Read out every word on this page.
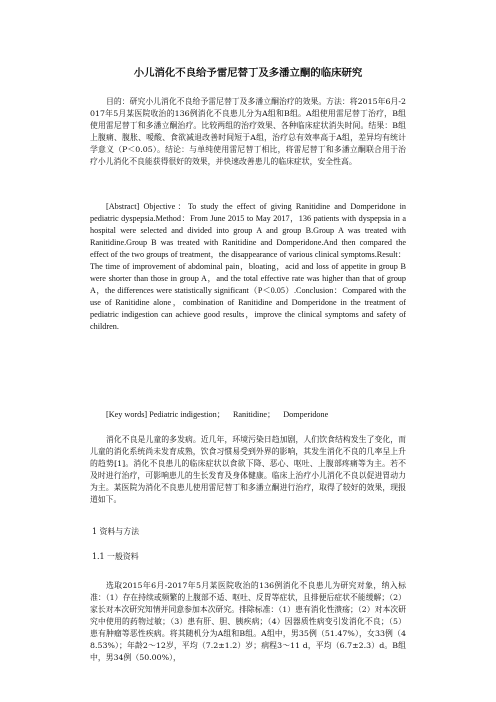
小儿消化不良给予雷尼替丁及多潘立酮的临床研究
目的：研究小儿消化不良给予雷尼替丁及多潘立酮治疗的效果。方法：将2015年6月-2017年5月某医院收治的136例消化不良患儿分为A组和B组。A组使用雷尼替丁治疗，B组使用雷尼替丁和多潘立酮治疗。比较两组的治疗效果、各种临床症状消失时间。结果：B组上腹痛、腹胀、嗳酸、食欲减退改善时间短于A组，治疗总有效率高于A组，差异均有统计学意义（P＜0.05）。结论：与单纯使用雷尼替丁相比，将雷尼替丁和多潘立酮联合用于治疗小儿消化不良能获得很好的效果，并快速改善患儿的临床症状，安全性高。
[Abstract] Objective：To study the effect of giving Ranitidine and Domperidone in pediatric dyspepsia.Method：From June 2015 to May 2017，136 patients with dyspepsia in a hospital were selected and divided into group A and group B.Group A was treated with Ranitidine.Group B was treated with Ranitidine and Domperidone.And then compared the effect of the two groups of treatment，the disappearance of various clinical symptoms.Result：The time of improvement of abdominal pain，bloating，acid and loss of appetite in group B were shorter than those in group A，and the total effective rate was higher than that of group A，the differences were statistically significant（P＜0.05）.Conclusion：Compared with the use of Ranitidine alone，combination of Ranitidine and Domperidone in the treatment of pediatric indigestion can achieve good results，improve the clinical symptoms and safety of children.
[Key words] Pediatric indigestion； Ranitidine； Domperidone
消化不良是儿童的多发病。近几年，环境污染日趋加剧，人们饮食结构发生了变化，而儿童的消化系统尚未发育成熟，饮食习惯易受到外界的影响，其发生消化不良的几率呈上升的趋势[1]。消化不良患儿的临床症状以食欲下降、恶心、呕吐、上腹部疼痛等为主。若不及时进行治疗，可影响患儿的生长发育及身体健康。临床上治疗小儿消化不良以促进胃动力为主。某医院为消化不良患儿使用雷尼替丁和多潘立酮进行治疗，取得了较好的效果，现报道如下。
1 资料与方法
1.1 一般资料
选取2015年6月-2017年5月某医院收治的136例消化不良患儿为研究对象，纳入标准：（1）存在持续或频繁的上腹部不适、呕吐、反胃等症状，且排便后症状不能缓解；（2）家长对本次研究知情并同意参加本次研究。排除标准：（1）患有消化性溃疡；（2）对本次研究中使用的药物过敏；（3）患有肝、胆、胰疾病；（4）因器质性病变引发消化不良；（5）患有肿瘤等恶性疾病。将其随机分为A组和B组。A组中，男35例（51.47%），女33例（48.53%）；年龄2～12岁，平均（7.2±1.2）岁；病程3～11 d，平均（6.7±2.3）d。B组中，男34例（50.00%），
